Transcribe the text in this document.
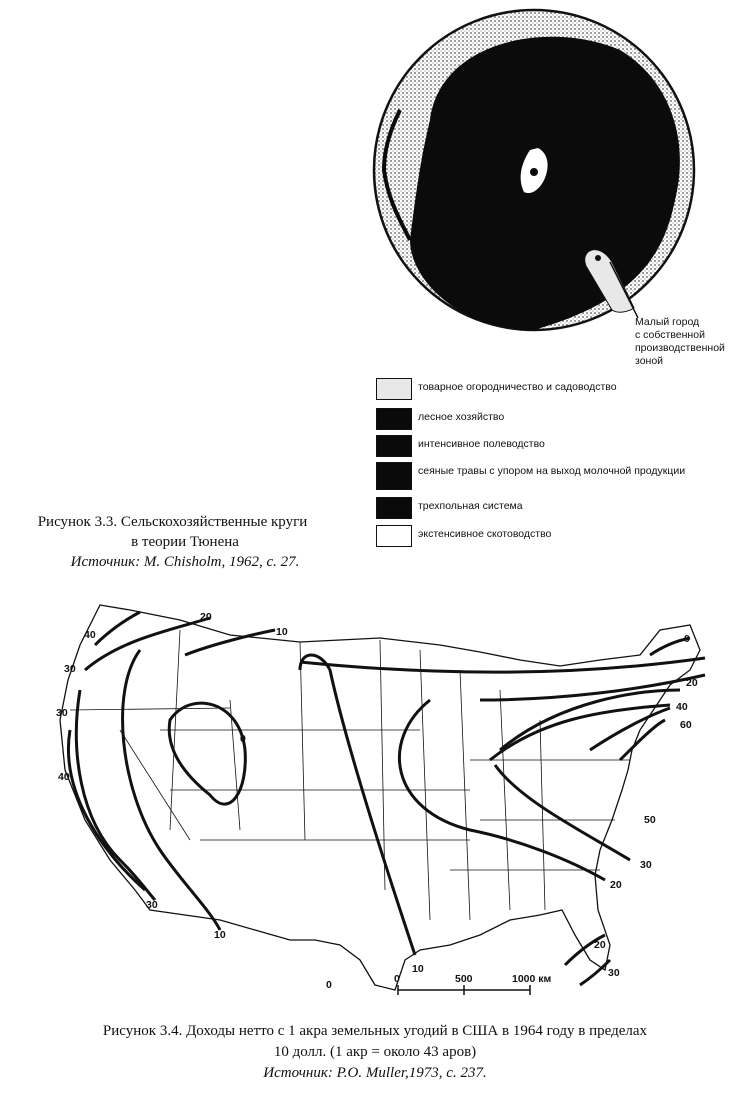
Малый город
с собственной
производственной
зоной
товарное огородничество и садоводство
лесное хозяйство
интенсивное полеводство
сеяные травы с упором на выход молочной продукции
трехпольная система
экстенсивное скотоводство
Рисунок 3.3. Сельскохозяйственные круги
в теории Тюнена
Источник: M. Chisholm, 1962, с. 27.
0	500	1000 км
40
30
30
40
30
10
20
10
0
10
0
20
20
40
60
50
30
20
30
0
Рисунок 3.4. Доходы нетто с 1 акра земельных угодий в США в 1964 году в пределах
10 долл. (1 акр = около 43 аров)
Источник: P.O. Muller,1973, с. 237.
